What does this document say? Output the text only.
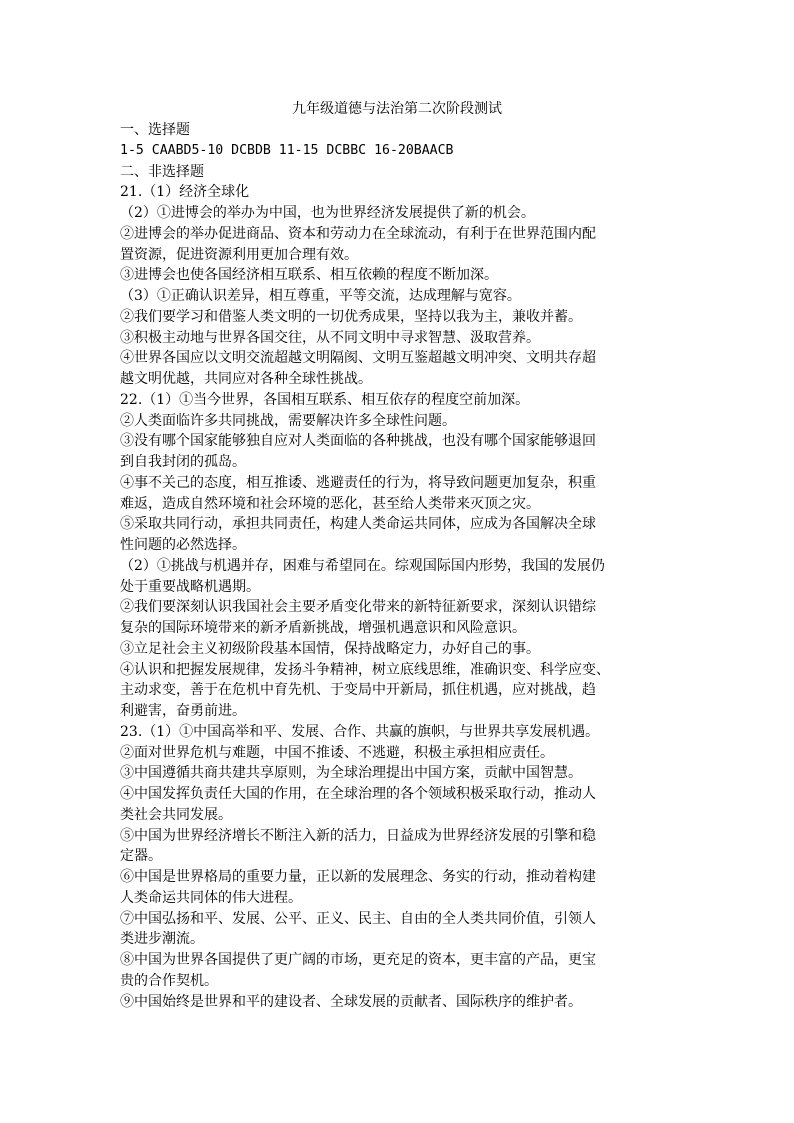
九年级道德与法治第二次阶段测试
一、选择题
1-5 CAABD5-10 DCBDB 11-15 DCBBC 16-20BAACB
二、非选择题
21.（1）经济全球化
（2）①进博会的举办为中国，也为世界经济发展提供了新的机会。
②进博会的举办促进商品、资本和劳动力在全球流动，有利于在世界范围内配
置资源，促进资源利用更加合理有效。
③进博会也使各国经济相互联系、相互依赖的程度不断加深。
（3）①正确认识差异，相互尊重，平等交流，达成理解与宽容。
②我们要学习和借鉴人类文明的一切优秀成果，坚持以我为主，兼收并蓄。
③积极主动地与世界各国交往，从不同文明中寻求智慧、汲取营养。
④世界各国应以文明交流超越文明隔阂、文明互鉴超越文明冲突、文明共存超
越文明优越，共同应对各种全球性挑战。
22.（1）①当今世界，各国相互联系、相互依存的程度空前加深。
②人类面临许多共同挑战，需要解决许多全球性问题。
③没有哪个国家能够独自应对人类面临的各种挑战，也没有哪个国家能够退回
到自我封闭的孤岛。
④事不关己的态度，相互推诿、逃避责任的行为，将导致问题更加复杂，积重
难返，造成自然环境和社会环境的恶化，甚至给人类带来灭顶之灾。
⑤采取共同行动，承担共同责任，构建人类命运共同体，应成为各国解决全球
性问题的必然选择。
（2）①挑战与机遇并存，困难与希望同在。综观国际国内形势，我国的发展仍
处于重要战略机遇期。
②我们要深刻认识我国社会主要矛盾变化带来的新特征新要求，深刻认识错综
复杂的国际环境带来的新矛盾新挑战，增强机遇意识和风险意识。
③立足社会主义初级阶段基本国情，保持战略定力，办好自己的事。
④认识和把握发展规律，发扬斗争精神，树立底线思维，准确识变、科学应变、
主动求变，善于在危机中育先机、于变局中开新局，抓住机遇，应对挑战，趋
利避害，奋勇前进。
23.（1）①中国高举和平、发展、合作、共赢的旗帜，与世界共享发展机遇。
②面对世界危机与难题，中国不推诿、不逃避，积极主承担相应责任。
③中国遵循共商共建共享原则，为全球治理提出中国方案，贡献中国智慧。
④中国发挥负责任大国的作用，在全球治理的各个领域积极采取行动，推动人
类社会共同发展。
⑤中国为世界经济增长不断注入新的活力，日益成为世界经济发展的引擎和稳
定器。
⑥中国是世界格局的重要力量，正以新的发展理念、务实的行动，推动着构建
人类命运共同体的伟大进程。
⑦中国弘扬和平、发展、公平、正义、民主、自由的全人类共同价值，引领人
类进步潮流。
⑧中国为世界各国提供了更广阔的市场，更充足的资本，更丰富的产品，更宝
贵的合作契机。
⑨中国始终是世界和平的建设者、全球发展的贡献者、国际秩序的维护者。
